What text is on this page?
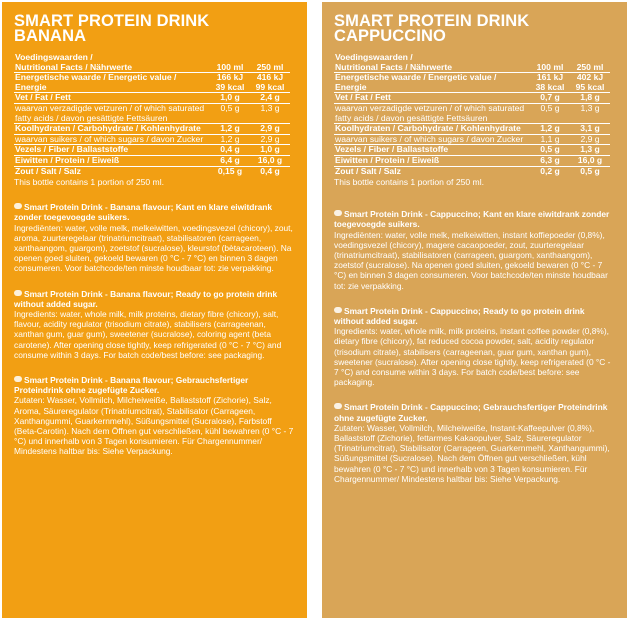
SMART PROTEIN DRINK
BANANA
Voedingswaarden /		
Nutritional Facts / Nährwerte	100 ml	250 ml
Energetische waarde / Energetic value / Energie	166 kJ 39 kcal	416 kJ 99 kcal
Vet / Fat / Fett	1,0 g	2,4 g
waarvan verzadigde vetzuren / of which saturated fatty acids / davon gesättigte Fettsäuren	0,5 g	1,3 g
Koolhydraten / Carbohydrate / Kohlenhydrate	1,2 g	2,9 g
waarvan suikers / of which sugars / davon Zucker	1,2 g	2,9 g
Vezels / Fiber / Ballaststoffe	0,4 g	1,0 g
Eiwitten / Protein / Eiweiß	6,4 g	16,0 g
Zout / Salt / Salz	0,15 g	0,4 g

This bottle contains 1 portion of 250 ml.

Smart Protein Drink - Banana flavour; Kant en klare eiwitdrank zonder toegevoegde suikers.
Ingrediënten: water, volle melk, melkeiwitten, voedingsvezel (chicory), zout, aroma, zuurteregelaar (trinatriumcitraat), stabilisatoren (carrageen, xanthaangom, guargom), zoetstof (sucralose), kleurstof (bètacaroteen). Na openen goed sluiten, gekoeld bewaren (0 °C - 7 °C) en binnen 3 dagen consumeren. Voor batchcode/ten minste houdbaar tot: zie verpakking.
Smart Protein Drink - Banana flavour; Ready to go protein drink without added sugar.
Ingredients: water, whole milk, milk proteins, dietary fibre (chicory), salt, flavour, acidity regulator (trisodium citrate), stabilisers (carrageenan, xanthan gum, guar gum), sweetener (sucralose), coloring agent (beta carotene). After opening close tightly, keep refrigerated (0 °C - 7 °C) and consume within 3 days. For batch code/best before: see packaging.
Smart Protein Drink - Banana flavour; Gebrauchsfertiger Proteindrink ohne zugefügte Zucker.
Zutaten: Wasser, Vollmilch, Milcheiweiße, Ballaststoff (Zichorie), Salz, Aroma, Säureregulator (Trinatriumcitrat), Stabilisator (Carrageen, Xanthangummi, Guarkernmehl), Süßungsmittel (Sucralose), Farbstoff (Beta-Carotin). Nach dem Öffnen gut verschließen, kühl bewahren (0 °C - 7 °C) und innerhalb von 3 Tagen konsumieren. Für Chargennummer/ Mindestens haltbar bis: Siehe Verpackung.
SMART PROTEIN DRINK
CAPPUCCINO
Voedingswaarden /		
Nutritional Facts / Nährwerte	100 ml	250 ml
Energetische waarde / Energetic value / Energie	161 kJ 38 kcal	402 kJ 95 kcal
Vet / Fat / Fett	0,7 g	1,8 g
waarvan verzadigde vetzuren / of which saturated fatty acids / davon gesättigte Fettsäuren	0,5 g	1,3 g
Koolhydraten / Carbohydrate / Kohlenhydrate	1,2 g	3,1 g
waarvan suikers / of which sugars / davon Zucker	1,1 g	2,9 g
Vezels / Fiber / Ballaststoffe	0,5 g	1,3 g
Eiwitten / Protein / Eiweiß	6,3 g	16,0 g
Zout / Salt / Salz	0,2 g	0,5 g

This bottle contains 1 portion of 250 ml.

Smart Protein Drink - Cappuccino; Kant en klare eiwitdrank zonder toegevoegde suikers.
Ingrediënten: water, volle melk, melkeiwitten, instant koffiepoeder (0,8%), voedingsvezel (chicory), magere cacaopoeder, zout, zuurteregelaar (trinatriumcitraat), stabilisatoren (carrageen, guargom, xanthaangom), zoetstof (sucralose). Na openen goed sluiten, gekoeld bewaren (0 °C - 7 °C) en binnen 3 dagen consumeren. Voor batchcode/ten minste houdbaar tot: zie verpakking.
Smart Protein Drink - Cappuccino; Ready to go protein drink without added sugar.
Ingredients: water, whole milk, milk proteins, instant coffee powder (0,8%), dietary fibre (chicory), fat reduced cocoa powder, salt, acidity regulator (trisodium citrate), stabilisers (carrageenan, guar gum, xanthan gum), sweetener (sucralose). After opening close tightly, keep refrigerated (0 °C - 7 °C) and consume within 3 days. For batch code/best before: see packaging.
Smart Protein Drink - Cappuccino; Gebrauchsfertiger Proteindrink ohne zugefügte Zucker.
Zutaten: Wasser, Vollmilch, Milcheiweiße, Instant-Kaffeepulver (0,8%), Ballaststoff (Zichorie), fettarmes Kakaopulver, Salz, Säureregulator (Trinatriumcitrat), Stabilisator (Carrageen, Guarkernmehl, Xanthangummi), Süßungsmittel (Sucralose). Nach dem Öffnen gut verschließen, kühl bewahren (0 °C - 7 °C) und innerhalb von 3 Tagen konsumieren. Für Chargennummer/ Mindestens haltbar bis: Siehe Verpackung.
